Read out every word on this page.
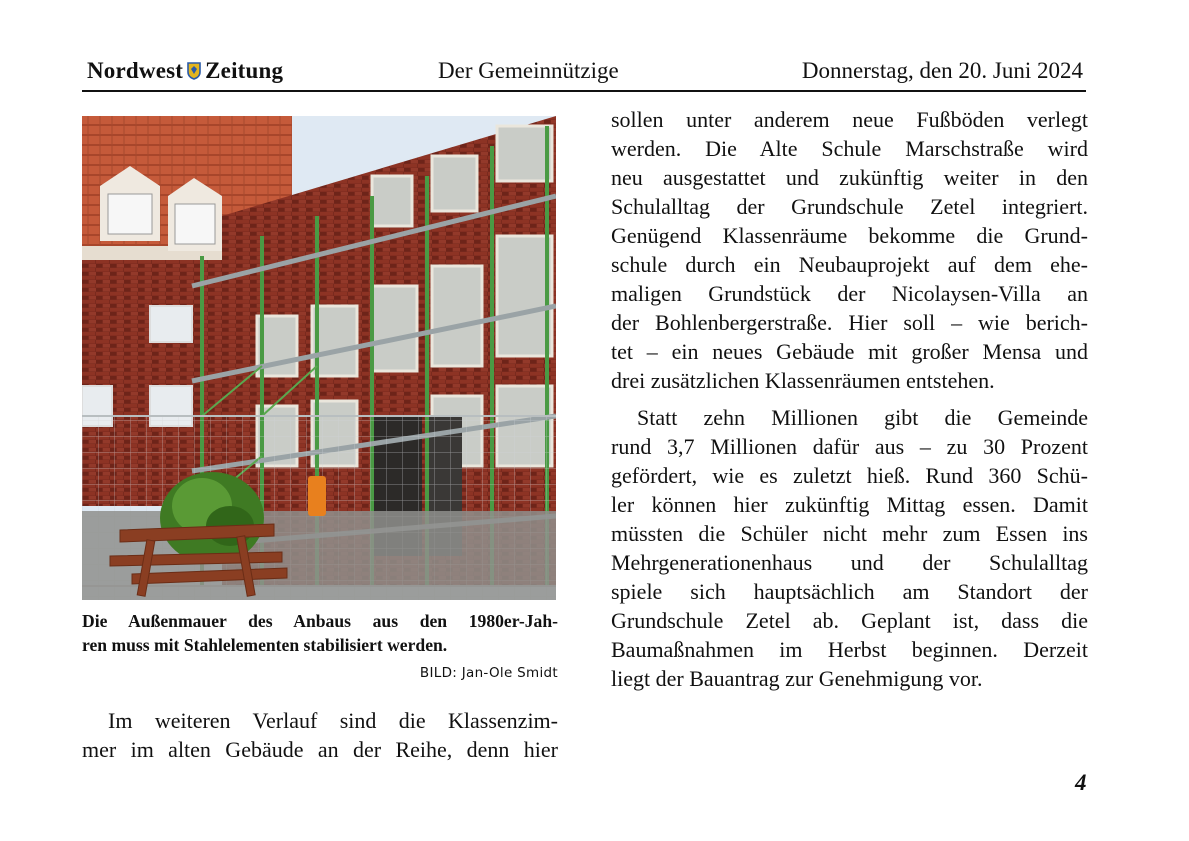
Nordwest Zeitung	Der Gemeinnützige	Donnerstag, den 20. Juni 2024
Die Außenmauer des Anbaus aus den 1980er-Jah-
ren muss mit Stahlelementen stabilisiert werden.
BILD: Jan-Ole Smidt
Im weiteren Verlauf sind die Klassenzim-
mer im alten Gebäude an der Reihe, denn hier
sollen unter anderem neue Fußböden verlegt
werden. Die Alte Schule Marschstraße wird
neu ausgestattet und zukünftig weiter in den
Schulalltag der Grundschule Zetel integriert.
Genügend Klassenräume bekomme die Grund-
schule durch ein Neubauprojekt auf dem ehe-
maligen Grundstück der Nicolaysen-Villa an
der Bohlenbergerstraße. Hier soll – wie berich-
tet – ein neues Gebäude mit großer Mensa und
drei zusätzlichen Klassenräumen entstehen.
Statt zehn Millionen gibt die Gemeinde
rund 3,7 Millionen dafür aus – zu 30 Prozent
gefördert, wie es zuletzt hieß. Rund 360 Schü-
ler können hier zukünftig Mittag essen. Damit
müssten die Schüler nicht mehr zum Essen ins
Mehrgenerationenhaus und der Schulalltag
spiele sich hauptsächlich am Standort der
Grundschule Zetel ab. Geplant ist, dass die
Baumaßnahmen im Herbst beginnen. Derzeit
liegt der Bauantrag zur Genehmigung vor.
4
